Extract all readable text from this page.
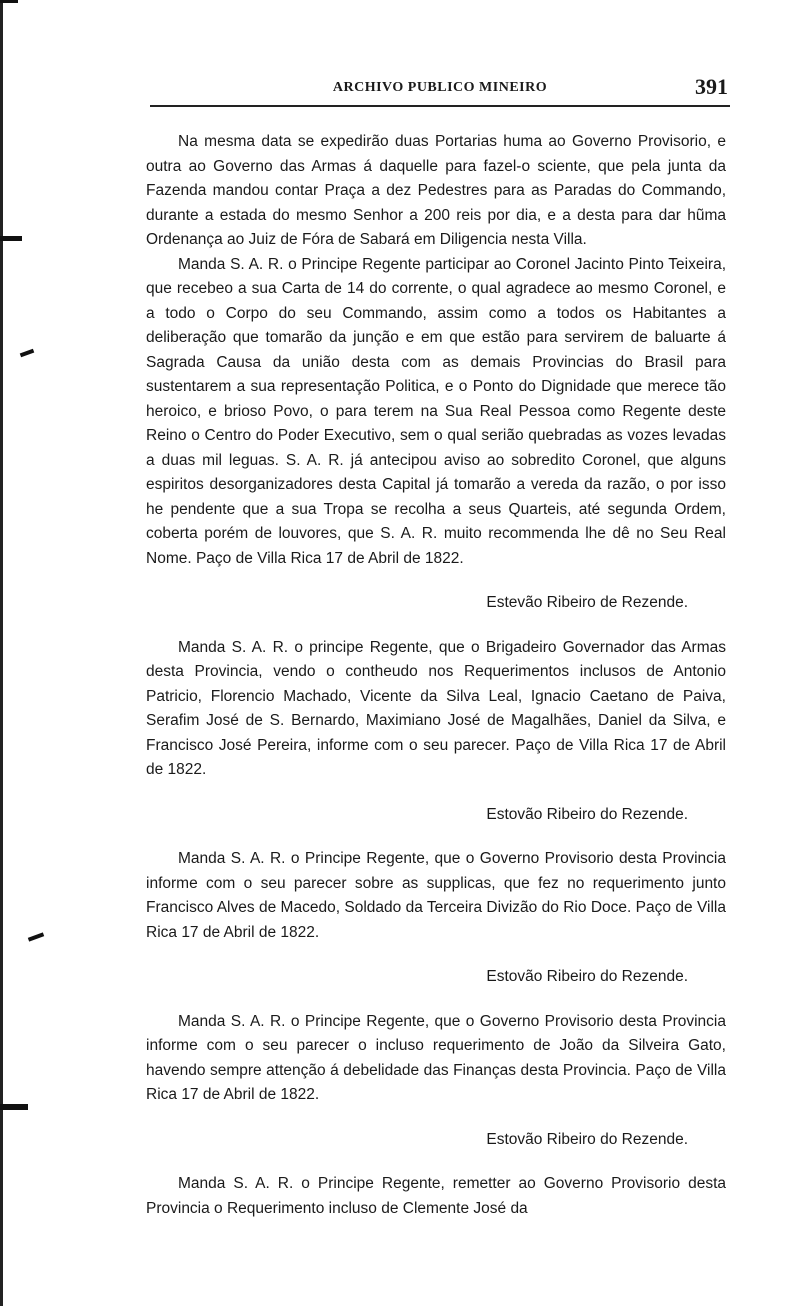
ARCHIVO PUBLICO MINEIRO	391

Na mesma data se expedirão duas Portarias huma ao Governo Provisorio, e outra ao Governo das Armas á daquelle para fazel-o sciente, que pela junta da Fazenda mandou contar Praça a dez Pedestres para as Paradas do Commando, durante a estada do mesmo Senhor a 200 reis por dia, e a desta para dar hũma Ordenança ao Juiz de Fóra de Sabará em Diligencia nesta Villa.

Manda S. A. R. o Principe Regente participar ao Coronel Jacinto Pinto Teixeira, que recebeo a sua Carta de 14 do corrente, o qual agradece ao mesmo Coronel, e a todo o Corpo do seu Commando, assim como a todos os Habitantes a deliberação que tomarão da junção e em que estão para servirem de baluarte á Sagrada Causa da união desta com as demais Provincias do Brasil para sustentarem a sua representação Politica, e o Ponto do Dignidade que merece tão heroico, e brioso Povo, o para terem na Sua Real Pessoa como Regente deste Reino o Centro do Poder Executivo, sem o qual serião quebradas as vozes levadas a duas mil leguas. S. A. R. já antecipou aviso ao sobredito Coronel, que alguns espiritos desorganizadores desta Capital já tomarão a vereda da razão, o por isso he pendente que a sua Tropa se recolha a seus Quarteis, até segunda Ordem, coberta porém de louvores, que S. A. R. muito recommenda lhe dê no Seu Real Nome. Paço de Villa Rica 17 de Abril de 1822.

Estevão Ribeiro de Rezende.

Manda S. A. R. o principe Regente, que o Brigadeiro Governador das Armas desta Provincia, vendo o contheudo nos Requerimentos inclusos de Antonio Patricio, Florencio Machado, Vicente da Silva Leal, Ignacio Caetano de Paiva, Serafim José de S. Bernardo, Maximiano José de Magalhães, Daniel da Silva, e Francisco José Pereira, informe com o seu parecer. Paço de Villa Rica 17 de Abril de 1822.

Estovão Ribeiro do Rezende.

Manda S. A. R. o Principe Regente, que o Governo Provisorio desta Provincia informe com o seu parecer sobre as supplicas, que fez no requerimento junto Francisco Alves de Macedo, Soldado da Terceira Divizão do Rio Doce. Paço de Villa Rica 17 de Abril de 1822.

Estovão Ribeiro do Rezende.

Manda S. A. R. o Principe Regente, que o Governo Provisorio desta Provincia informe com o seu parecer o incluso requerimento de João da Silveira Gato, havendo sempre attenção á debelidade das Finanças desta Provincia. Paço de Villa Rica 17 de Abril de 1822.

Estovão Ribeiro do Rezende.

Manda S. A. R. o Principe Regente, remetter ao Governo Provisorio desta Provincia o Requerimento incluso de Clemente José da
